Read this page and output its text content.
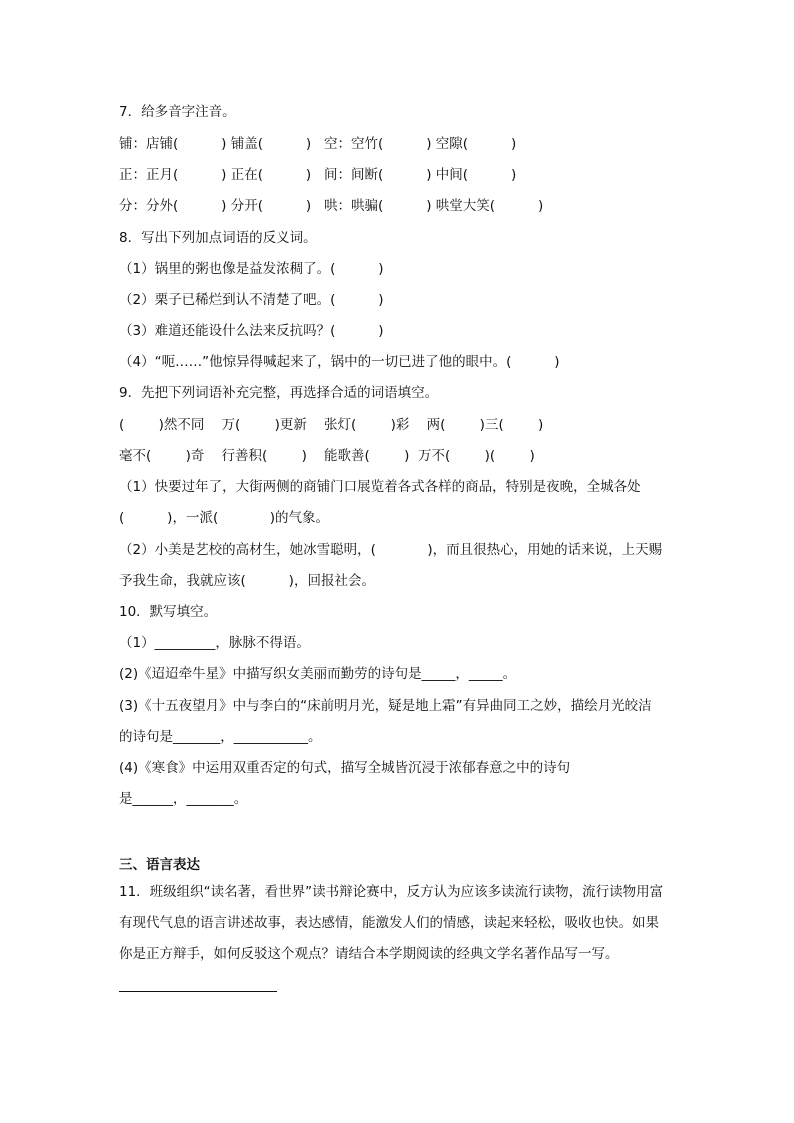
7．给多音字注音。
铺：店铺(          ) 铺盖(          )   空：空竹(          ) 空隙(          )
正：正月(          ) 正在(          )   间：间断(          ) 中间(          )
分：分外(          ) 分开(          )   哄：哄骗(          ) 哄堂大笑(          )
8．写出下列加点词语的反义词。
（1）锅里的粥也像是益发浓稠了。(          )
（2）栗子已稀烂到认不清楚了吧。(          )
（3）难道还能设什么法来反抗吗？(          )
（4）“呃……”他惊异得喊起来了，锅中的一切已进了他的眼中。(          )
9．先把下列词语补充完整，再选择合适的词语填空。
(        )然不同    万(        )更新    张灯(        )彩    两(        )三(        )
毫不(        )奇    行善积(        )    能歌善(        )  万不(        )(        )
（1）快要过年了，大街两侧的商铺门口展览着各式各样的商品，特别是夜晚，全城各处
(          )，一派(            )的气象。
（2）小美是艺校的高材生，她冰雪聪明，(            )，而且很热心，用她的话来说，上天赐
予我生命，我就应该(          )，回报社会。
10．默写填空。
（1）_________，脉脉不得语。
(2)《迢迢牵牛星》中描写织女美丽而勤劳的诗句是_____，_____。
(3)《十五夜望月》中与李白的“床前明月光，疑是地上霜”有异曲同工之妙，描绘月光皎洁
的诗句是_______，___________。
(4)《寒食》中运用双重否定的句式，描写全城皆沉浸于浓郁春意之中的诗句
是______，_______。
三、语言表达
11．班级组织“读名著，看世界”读书辩论赛中，反方认为应该多读流行读物，流行读物用富
有现代气息的语言讲述故事，表达感情，能激发人们的情感，读起来轻松，吸收也快。如果
你是正方辩手，如何反驳这个观点？请结合本学期阅读的经典文学名著作品写一写。
